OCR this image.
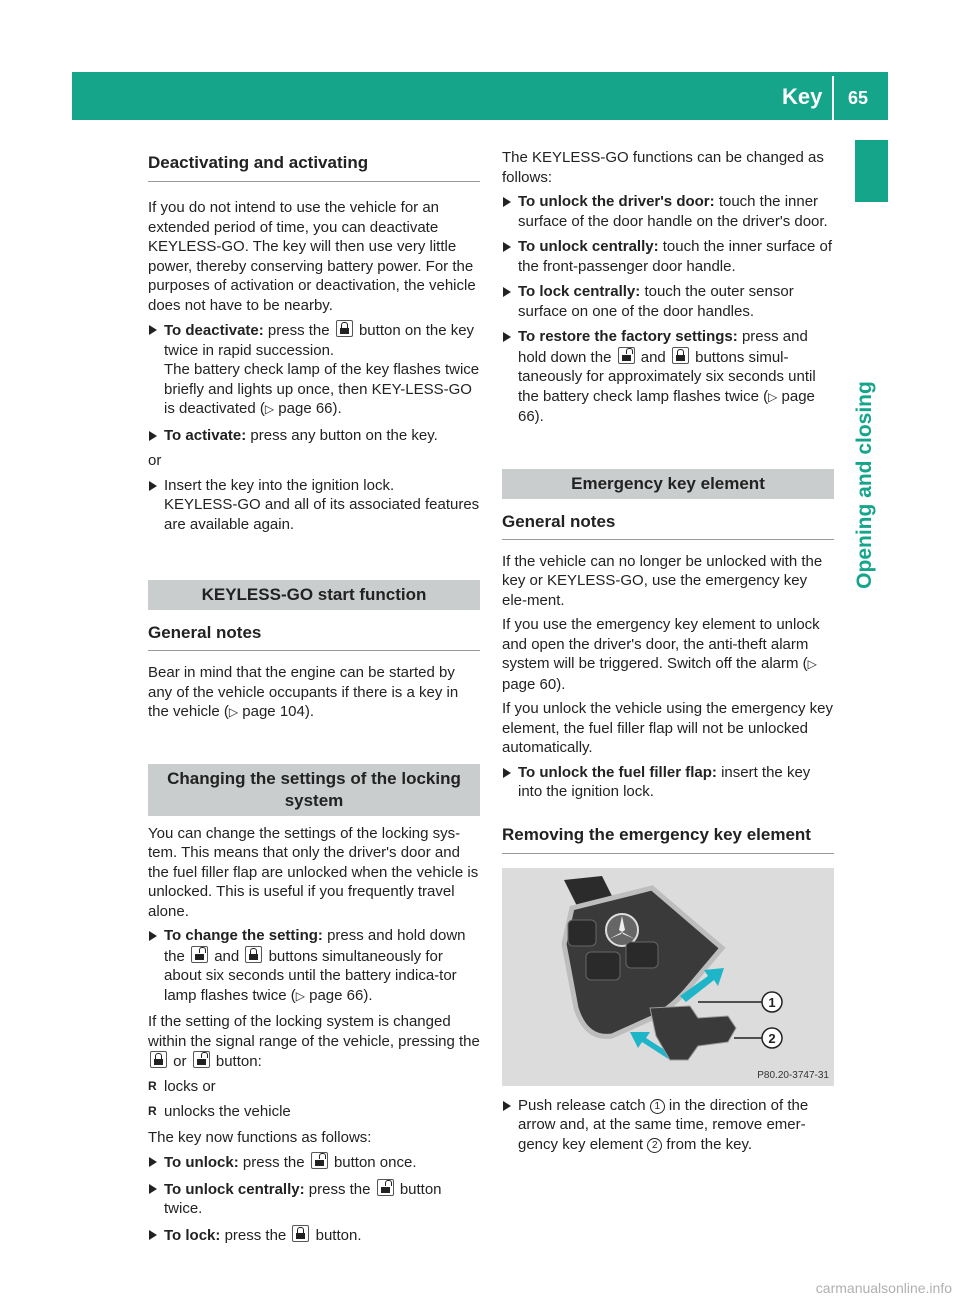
Key 65
Opening and closing
Deactivating and activating

If you do not intend to use the vehicle for an extended period of time, you can deactivate KEYLESS-GO. The key will then use very little power, thereby conserving battery power. For the purposes of activation or deactivation, the vehicle does not have to be nearby.

To deactivate: press the button on the key twice in rapid succession.
The battery check lamp of the key flashes twice briefly and lights up once, then KEY-LESS-GO is deactivated (▷ page 66).
To activate: press any button on the key.

or

Insert the key into the ignition lock.
KEYLESS-GO and all of its associated features are available again.
KEYLESS-GO start function
General notes

Bear in mind that the engine can be started by any of the vehicle occupants if there is a key in the vehicle (▷ page 104).

Changing the settings of the locking system

You can change the settings of the locking sys-tem. This means that only the driver's door and the fuel filler flap are unlocked when the vehicle is unlocked. This is useful if you frequently travel alone.

To change the setting: press and hold down the and buttons simultaneously for about six seconds until the battery indica-tor lamp flashes twice (▷ page 66).

If the setting of the locking system is changed within the signal range of the vehicle, pressing the  or button:

R locks or
R unlocks the vehicle

The key now functions as follows:

To unlock: press the button once.
To unlock centrally: press the button twice.
To lock: press the button.

The KEYLESS-GO functions can be changed as follows:

To unlock the driver's door: touch the inner surface of the door handle on the driver's door.
To unlock centrally: touch the inner surface of the front-passenger door handle.
To lock centrally: touch the outer sensor surface on one of the door handles.
To restore the factory settings: press and hold down the and buttons simul-taneously for approximately six seconds until the battery check lamp flashes twice (▷ page 66).
Emergency key element
General notes

If the vehicle can no longer be unlocked with the key or KEYLESS-GO, use the emergency key ele-ment.

If you use the emergency key element to unlock and open the driver's door, the anti-theft alarm system will be triggered. Switch off the alarm (▷ page 60).

If you unlock the vehicle using the emergency key element, the fuel filler flap will not be unlocked automatically.

To unlock the fuel filler flap: insert the key into the ignition lock.
Removing the emergency key element
1
2
P80.20-3747-31
Push release catch 1 in the direction of the arrow and, at the same time, remove emer-gency key element 2 from the key.
carmanualsonline.info
